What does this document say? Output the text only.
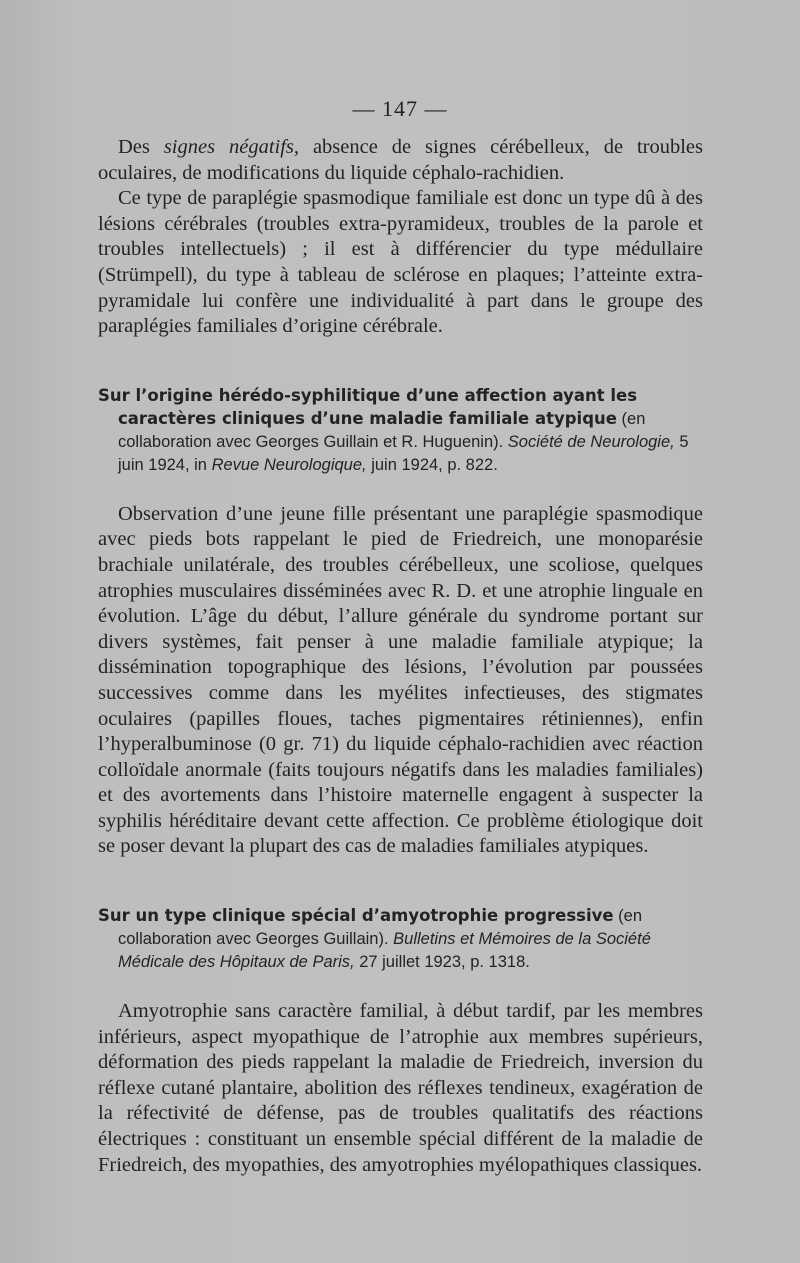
— 147 —

Des signes négatifs, absence de signes cérébelleux, de troubles oculaires, de modifications du liquide céphalo-rachidien.

Ce type de paraplégie spasmodique familiale est donc un type dû à des lésions cérébrales (troubles extra-pyramideux, troubles de la parole et troubles intellectuels) ; il est à différencier du type médullaire (Strümpell), du type à tableau de sclérose en plaques; l’atteinte extra-pyramidale lui confère une individualité à part dans le groupe des paraplégies familiales d’origine cérébrale.

Sur l’origine hérédo-syphilitique d’une affection ayant les caractères cliniques d’une maladie familiale atypique (en collaboration avec Georges Guillain et R. Huguenin). Société de Neurologie, 5 juin 1924, in Revue Neurologique, juin 1924, p. 822.

Observation d’une jeune fille présentant une paraplégie spasmodique avec pieds bots rappelant le pied de Friedreich, une monoparésie brachiale unilatérale, des troubles cérébelleux, une scoliose, quelques atrophies musculaires disséminées avec R. D. et une atrophie linguale en évolution. L’âge du début, l’allure générale du syndrome portant sur divers systèmes, fait penser à une maladie familiale atypique; la dissémination topographique des lésions, l’évolution par poussées successives comme dans les myélites infectieuses, des stigmates oculaires (papilles floues, taches pigmentaires rétiniennes), enfin l’hyperalbuminose (0 gr. 71) du liquide céphalo-rachidien avec réaction colloïdale anormale (faits toujours négatifs dans les maladies familiales) et des avortements dans l’histoire maternelle engagent à suspecter la syphilis héréditaire devant cette affection. Ce problème étiologique doit se poser devant la plupart des cas de maladies familiales atypiques.

Sur un type clinique spécial d’amyotrophie progressive (en collaboration avec Georges Guillain). Bulletins et Mémoires de la Société Médicale des Hôpitaux de Paris, 27 juillet 1923, p. 1318.

Amyotrophie sans caractère familial, à début tardif, par les membres inférieurs, aspect myopathique de l’atrophie aux membres supérieurs, déformation des pieds rappelant la maladie de Friedreich, inversion du réflexe cutané plantaire, abolition des réflexes tendineux, exagération de la réfectivité de défense, pas de troubles qualitatifs des réactions électriques : constituant un ensemble spécial différent de la maladie de Friedreich, des myopathies, des amyotrophies myélopathiques classiques.
